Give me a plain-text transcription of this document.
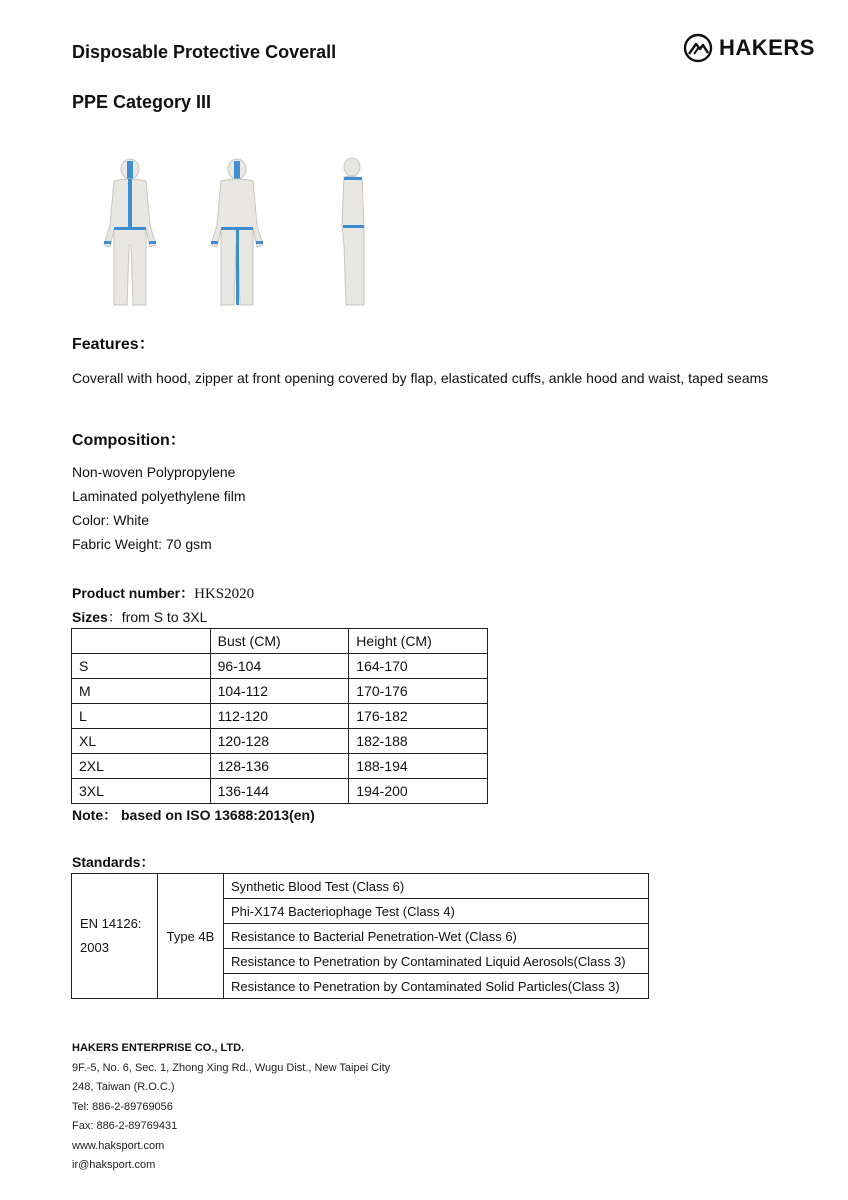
Disposable Protective Coverall
PPE Category III
HAKERS
Features：
Coverall with hood, zipper at front opening covered by flap, elasticated cuffs, ankle hood and waist, taped seams
Composition：
Non-woven Polypropylene
Laminated polyethylene film
Color: White
Fabric Weight: 70 gsm
Product number：HKS2020
Sizes：from S to 3XL
	Bust (CM)	Height (CM)
S	96-104	164-170
M	104-112	170-176
L	112-120	176-182
XL	120-128	182-188
2XL	128-136	188-194
3XL	136-144	194-200
Note： based on ISO 13688:2013(en)
Standards：
EN 14126:
2003
	Type 4B	Synthetic Blood Test (Class 6)
Phi-X174 Bacteriophage Test (Class 4)
Resistance to Bacterial Penetration-Wet (Class 6)
Resistance to Penetration by Contaminated Liquid Aerosols(Class 3)
Resistance to Penetration by Contaminated Solid Particles(Class 3)
HAKERS ENTERPRISE CO., LTD.
9F.-5, No. 6, Sec. 1, Zhong Xing Rd., Wugu Dist., New Taipei City
248, Taiwan (R.O.C.)
Tel: 886-2-89769056
Fax: 886-2-89769431
www.haksport.com
ir@haksport.com
